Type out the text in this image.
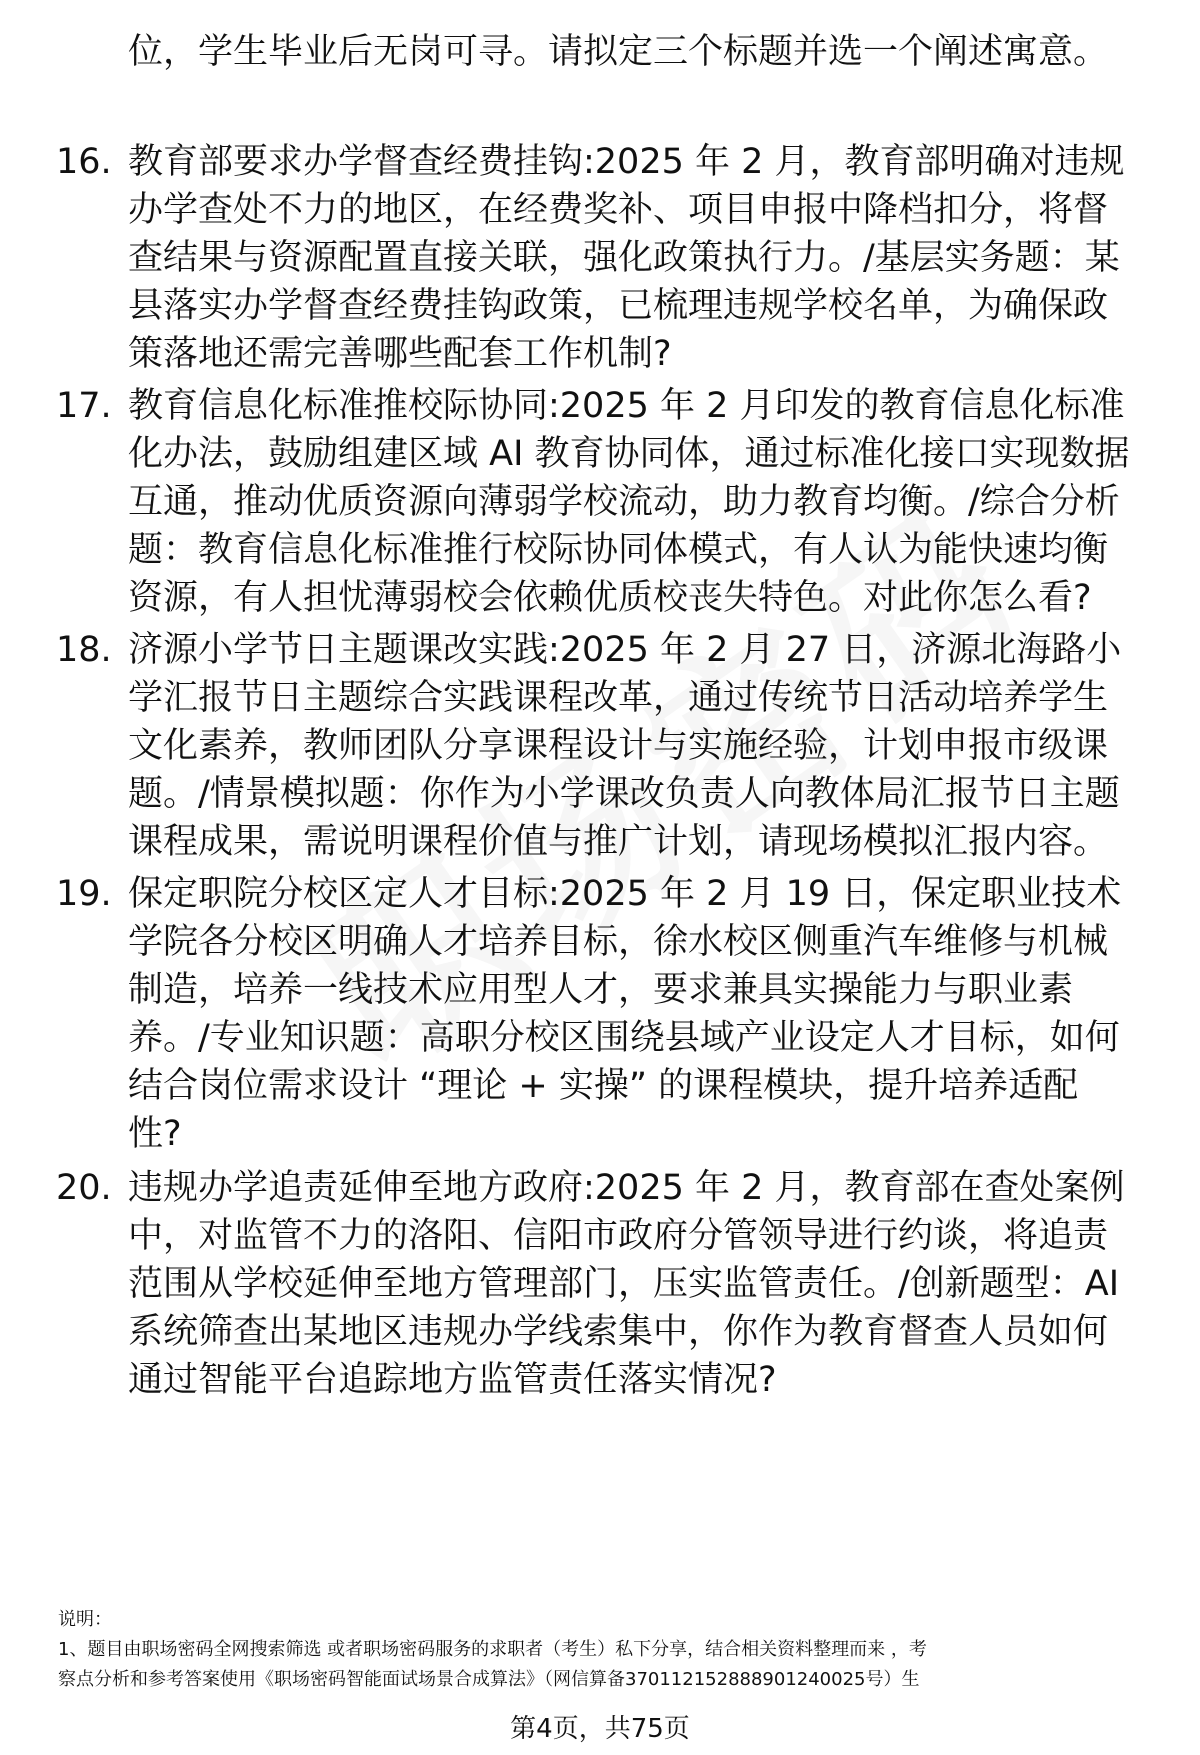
位，学生毕业后无岗可寻。请拟定三个标题并选一个阐述寓意。
16. 教育部要求办学督查经费挂钩:2025 年 2 月，教育部明确对违规
办学查处不力的地区，在经费奖补、项目申报中降档扣分，将督
查结果与资源配置直接关联，强化政策执行力。/基层实务题：某
县落实办学督查经费挂钩政策，已梳理违规学校名单，为确保政
策落地还需完善哪些配套工作机制?
17. 教育信息化标准推校际协同:2025 年 2 月印发的教育信息化标准
化办法，鼓励组建区域 AI 教育协同体，通过标准化接口实现数据
互通，推动优质资源向薄弱学校流动，助力教育均衡。/综合分析
题：教育信息化标准推行校际协同体模式，有人认为能快速均衡
资源，有人担忧薄弱校会依赖优质校丧失特色。对此你怎么看?
18. 济源小学节日主题课改实践:2025 年 2 月 27 日，济源北海路小
学汇报节日主题综合实践课程改革，通过传统节日活动培养学生
文化素养，教师团队分享课程设计与实施经验，计划申报市级课
题。/情景模拟题：你作为小学课改负责人向教体局汇报节日主题
课程成果，需说明课程价值与推广计划，请现场模拟汇报内容。
19. 保定职院分校区定人才目标:2025 年 2 月 19 日，保定职业技术
学院各分校区明确人才培养目标，徐水校区侧重汽车维修与机械
制造，培养一线技术应用型人才，要求兼具实操能力与职业素
养。/专业知识题：高职分校区围绕县域产业设定人才目标，如何
结合岗位需求设计 “理论 + 实操” 的课程模块，提升培养适配
性?
20. 违规办学追责延伸至地方政府:2025 年 2 月，教育部在查处案例
中，对监管不力的洛阳、信阳市政府分管领导进行约谈，将追责
范围从学校延伸至地方管理部门，压实监管责任。/创新题型：AI
系统筛查出某地区违规办学线索集中，你作为教育督查人员如何
通过智能平台追踪地方监管责任落实情况?
说明：
1、题目由职场密码全网搜索筛选 或者职场密码服务的求职者（考生）私下分享，结合相关资料整理而来 ，考
察点分析和参考答案使用《职场密码智能面试场景合成算法》（网信算备370112152888901240025号）生
第4页，共75页
